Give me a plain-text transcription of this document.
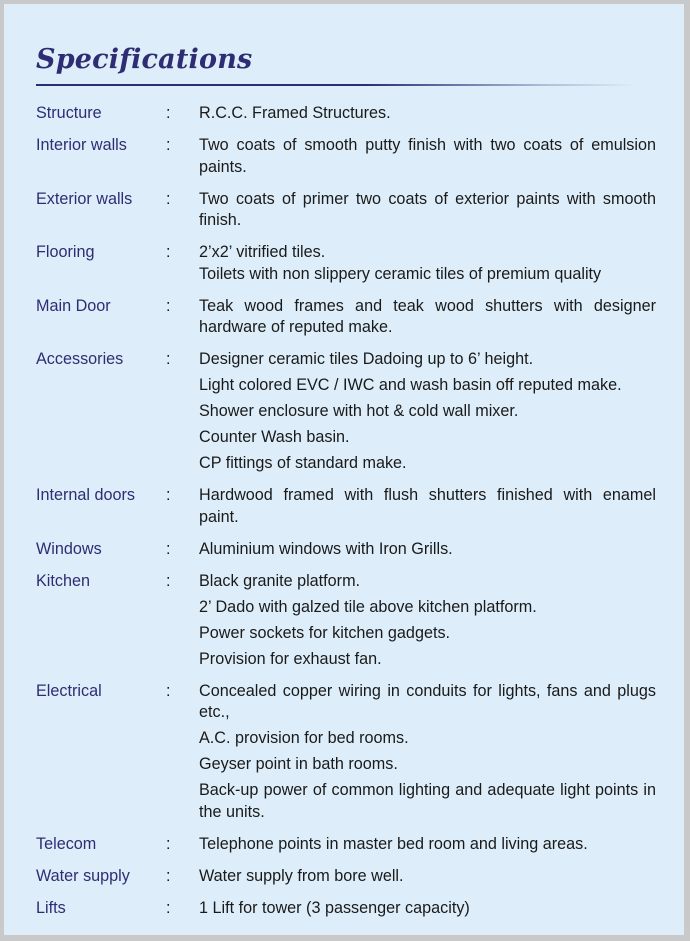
Specifications
Structure	:	R.C.C. Framed Structures.
Interior walls	:	Two coats of smooth putty finish with two coats of emulsion paints.
Exterior walls	:	Two coats of primer two coats of exterior paints with smooth finish.
Flooring	:	2’x2’ vitrified tiles.
Toilets with non slippery ceramic tiles of premium quality
Main Door	:	Teak wood frames and teak wood shutters with designer hardware of reputed make.
Accessories	:	Designer ceramic tiles Dadoing up to 6’ height.
Light colored EVC / IWC and wash basin off reputed make.
Shower enclosure with hot & cold wall mixer.
Counter Wash basin.
CP fittings of standard make.
Internal doors	:	Hardwood framed with flush shutters finished with enamel paint.
Windows	:	Aluminium windows with Iron Grills.
Kitchen	:	Black granite platform.
2’ Dado with galzed tile above kitchen platform.
Power sockets for kitchen gadgets.
Provision for exhaust fan.
Electrical	:	Concealed copper wiring in conduits for lights, fans and plugs etc.,
A.C. provision for bed rooms.
Geyser point in bath rooms.
Back-up power of common lighting and adequate light points in the units.
Telecom	:	Telephone points in master bed room and living areas.
Water supply	:	Water supply from bore well.
Lifts	:	1 Lift for tower (3 passenger capacity)
